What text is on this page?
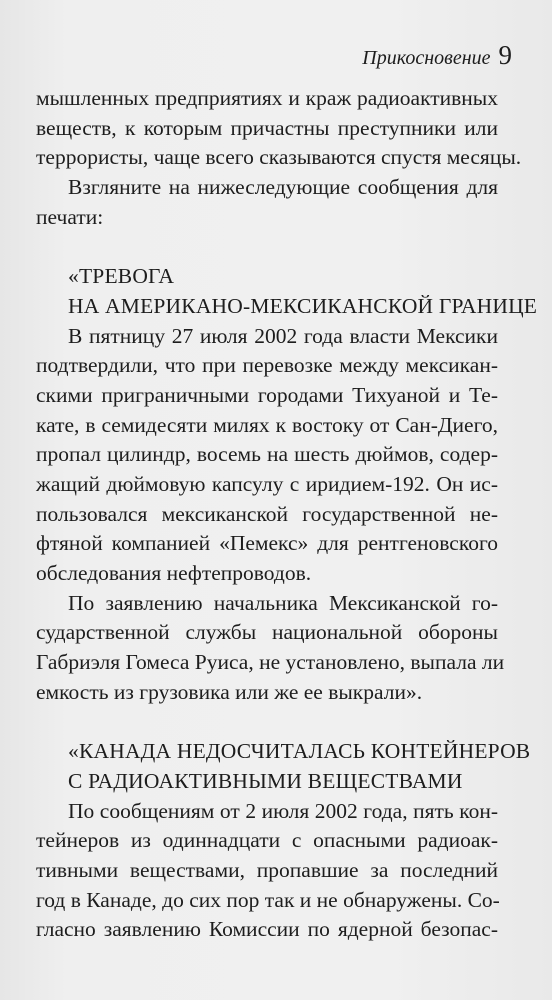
Прикосновение 9

мышленных предприятиях и краж радиоактивных
веществ, к которым причастны преступники или
террористы, чаще всего сказываются спустя месяцы.

Взгляните на нижеследующие сообщения для
печати:

«ТРЕВОГА
НА АМЕРИКАНО-МЕКСИКАНСКОЙ ГРАНИЦЕ

В пятницу 27 июля 2002 года власти Мексики
подтвердили, что при перевозке между мексикан-
скими приграничными городами Тихуаной и Те-
кате, в семидесяти милях к востоку от Сан-Диего,
пропал цилиндр, восемь на шесть дюймов, содер-
жащий дюймовую капсулу с иридием-192. Он ис-
пользовался мексиканской государственной не-
фтяной компанией «Пемекс» для рентгеновского
обследования нефтепроводов.

По заявлению начальника Мексиканской го-
сударственной службы национальной обороны
Габриэля Гомеса Руиса, не установлено, выпала ли
емкость из грузовика или же ее выкрали».

«КАНАДА НЕДОСЧИТАЛАСЬ КОНТЕЙНЕРОВ
С РАДИОАКТИВНЫМИ ВЕЩЕСТВАМИ

По сообщениям от 2 июля 2002 года, пять кон-
тейнеров из одиннадцати с опасными радиоак-
тивными веществами, пропавшие за последний
год в Канаде, до сих пор так и не обнаружены. Со-
гласно заявлению Комиссии по ядерной безопас-
